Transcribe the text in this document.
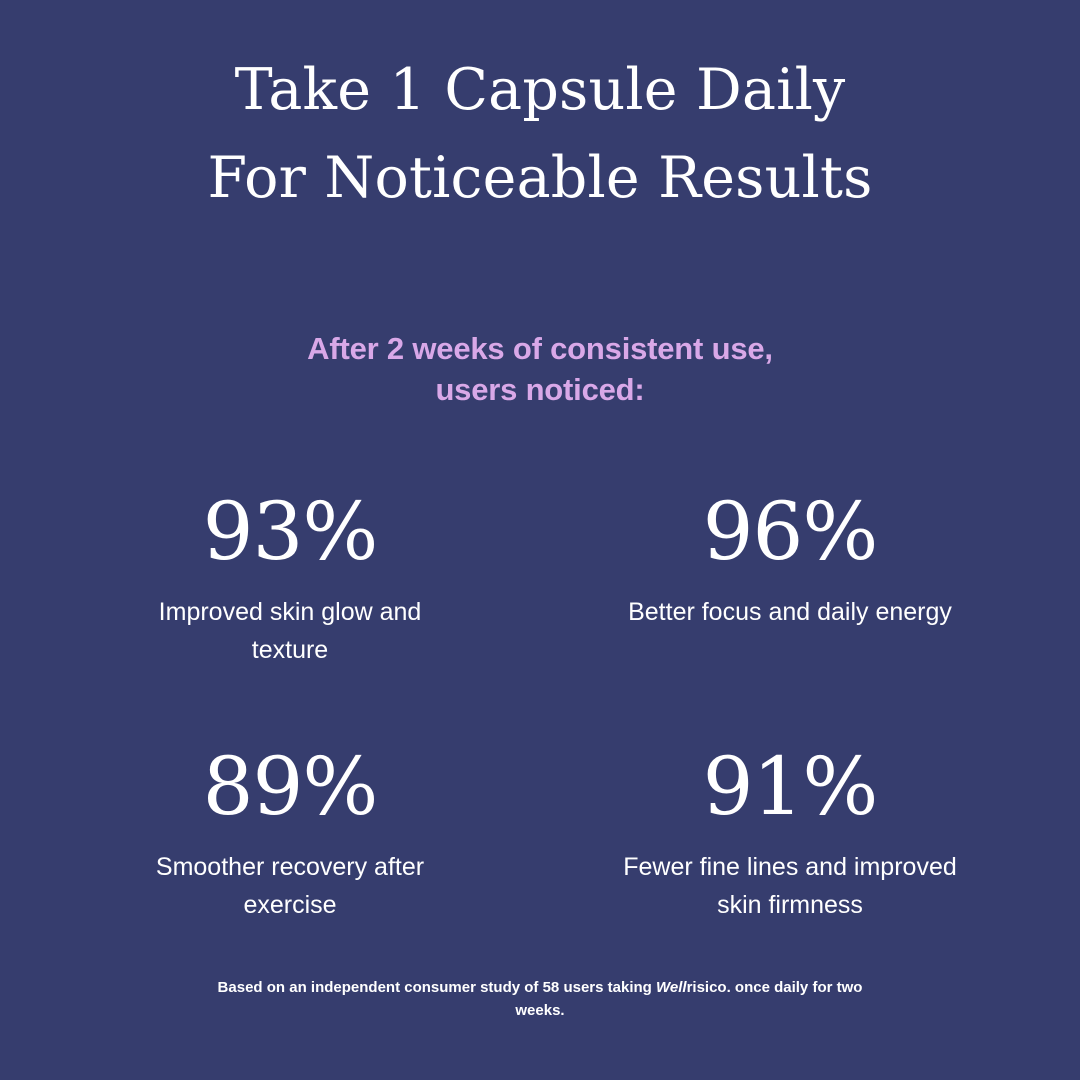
Take 1 Capsule Daily
For Noticeable Results
After 2 weeks of consistent use,
users noticed:
93%
Improved skin glow and texture
96%
Better focus and daily energy
89%
Smoother recovery after exercise
91%
Fewer fine lines and improved skin firmness
Based on an independent consumer study of 58 users taking Wellrisico. once daily for two weeks.
